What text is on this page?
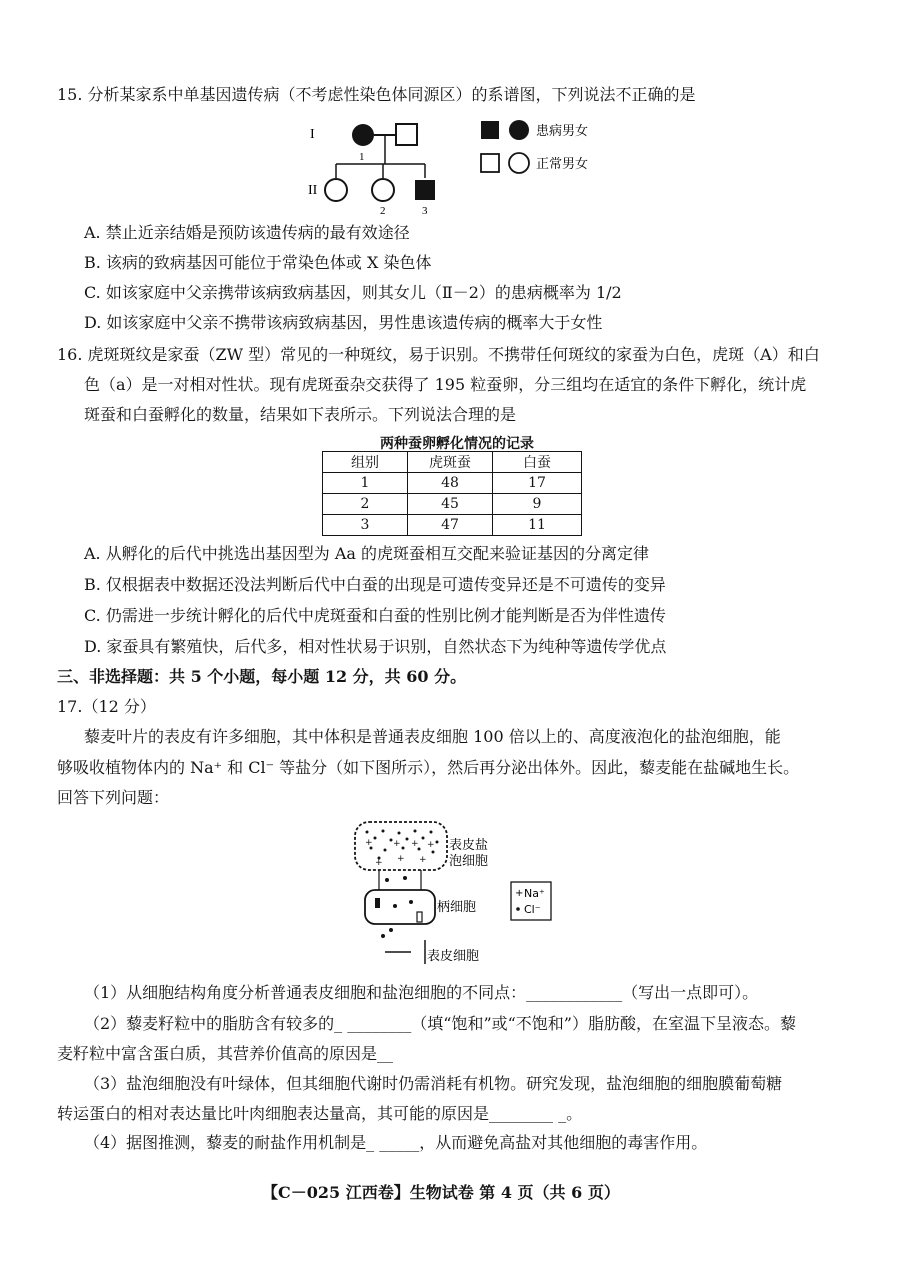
15. 分析某家系中单基因遗传病（不考虑性染色体同源区）的系谱图，下列说法不正确的是
I
II
1
2	3
患病男女
正常男女
A. 禁止近亲结婚是预防该遗传病的最有效途径
B. 该病的致病基因可能位于常染色体或 X 染色体
C. 如该家庭中父亲携带该病致病基因，则其女儿（Ⅱ－2）的患病概率为 1/2
D. 如该家庭中父亲不携带该病致病基因，男性患该遗传病的概率大于女性
16. 虎斑斑纹是家蚕（ZW 型）常见的一种斑纹，易于识别。不携带任何斑纹的家蚕为白色，虎斑（A）和白
色（a）是一对相对性状。现有虎斑蚕杂交获得了 195 粒蚕卵，分三组均在适宜的条件下孵化，统计虎
斑蚕和白蚕孵化的数量，结果如下表所示。下列说法合理的是
两种蚕卵孵化情况的记录
组别	虎斑蚕	白蚕
1	48	17
2	45	9
3	47	11
A. 从孵化的后代中挑选出基因型为 Aa 的虎斑蚕相互交配来验证基因的分离定律
B. 仅根据表中数据还没法判断后代中白蚕的出现是可遗传变异还是不可遗传的变异
C. 仍需进一步统计孵化的后代中虎斑蚕和白蚕的性别比例才能判断是否为伴性遗传
D. 家蚕具有繁殖快，后代多，相对性状易于识别，自然状态下为纯种等遗传学优点
三、非选择题：共 5 个小题，每小题 12 分，共 60 分。
17.（12 分）
藜麦叶片的表皮有许多细胞，其中体积是普通表皮细胞 100 倍以上的、高度液泡化的盐泡细胞，能
够吸收植物体内的 Na⁺ 和 Cl⁻ 等盐分（如下图所示），然后再分泌出体外。因此，藜麦能在盐碱地生长。
回答下列问题：
+ + + +
+ + +
表皮盐
泡细胞
柄细胞
表皮细胞
+ Na⁺
Cl⁻
（1）从细胞结构角度分析普通表皮细胞和盐泡细胞的不同点：____________（写出一点即可）。
（2）藜麦籽粒中的脂肪含有较多的_ ________（填“饱和”或“不饱和”）脂肪酸，在室温下呈液态。藜
麦籽粒中富含蛋白质，其营养价值高的原因是__
（3）盐泡细胞没有叶绿体，但其细胞代谢时仍需消耗有机物。研究发现，盐泡细胞的细胞膜葡萄糖
转运蛋白的相对表达量比叶肉细胞表达量高，其可能的原因是________ _。
（4）据图推测，藜麦的耐盐作用机制是_ _____，从而避免高盐对其他细胞的毒害作用。
【C－025 江西卷】生物试卷 第 4 页（共 6 页）
